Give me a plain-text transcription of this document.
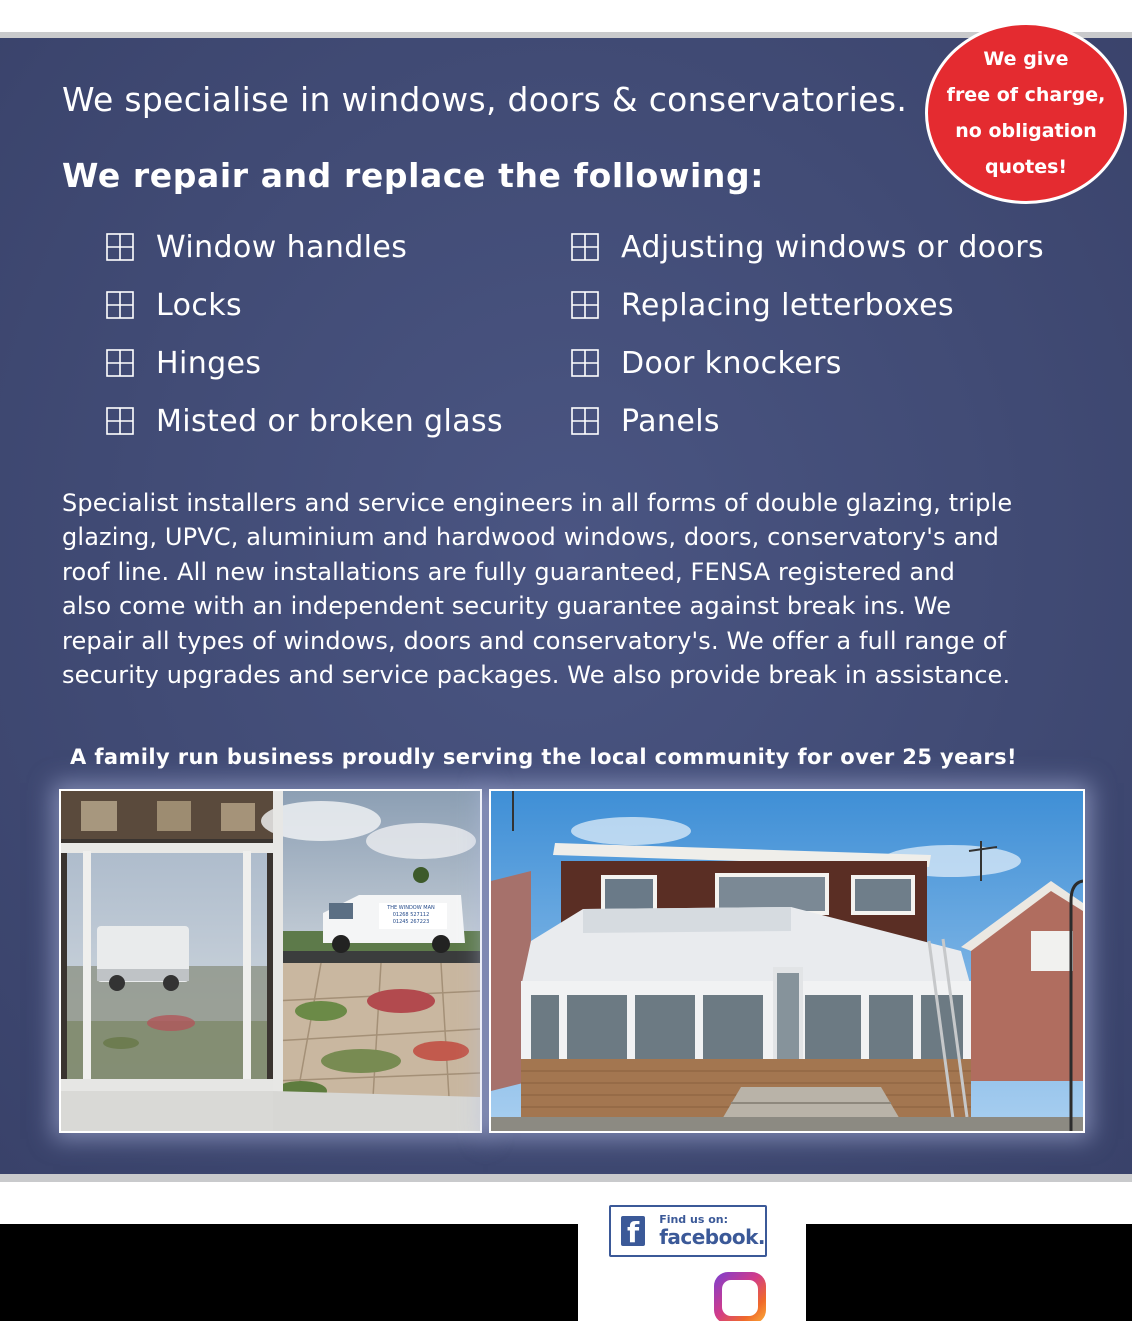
We specialise in windows, doors & conservatories.
We repair and replace the following:
We give
free of charge,
no obligation
quotes!
Window handles
Locks
Hinges
Misted or broken glass
Adjusting windows or doors
Replacing letterboxes
Door knockers
Panels
Specialist installers and service engineers in all forms of double glazing, triple
glazing, UPVC, aluminium and hardwood windows, doors, conservatory's and
roof line. All new installations are fully guaranteed, FENSA registered and
also come with an independent security guarantee against break ins. We
repair all types of windows, doors and conservatory's. We offer a full range of
security upgrades and service packages. We also provide break in assistance.
A family run business proudly serving the local community for over 25 years!
THE WINDOW MAN
01268 527112
01245 267223
f	Find us on:
facebook.
